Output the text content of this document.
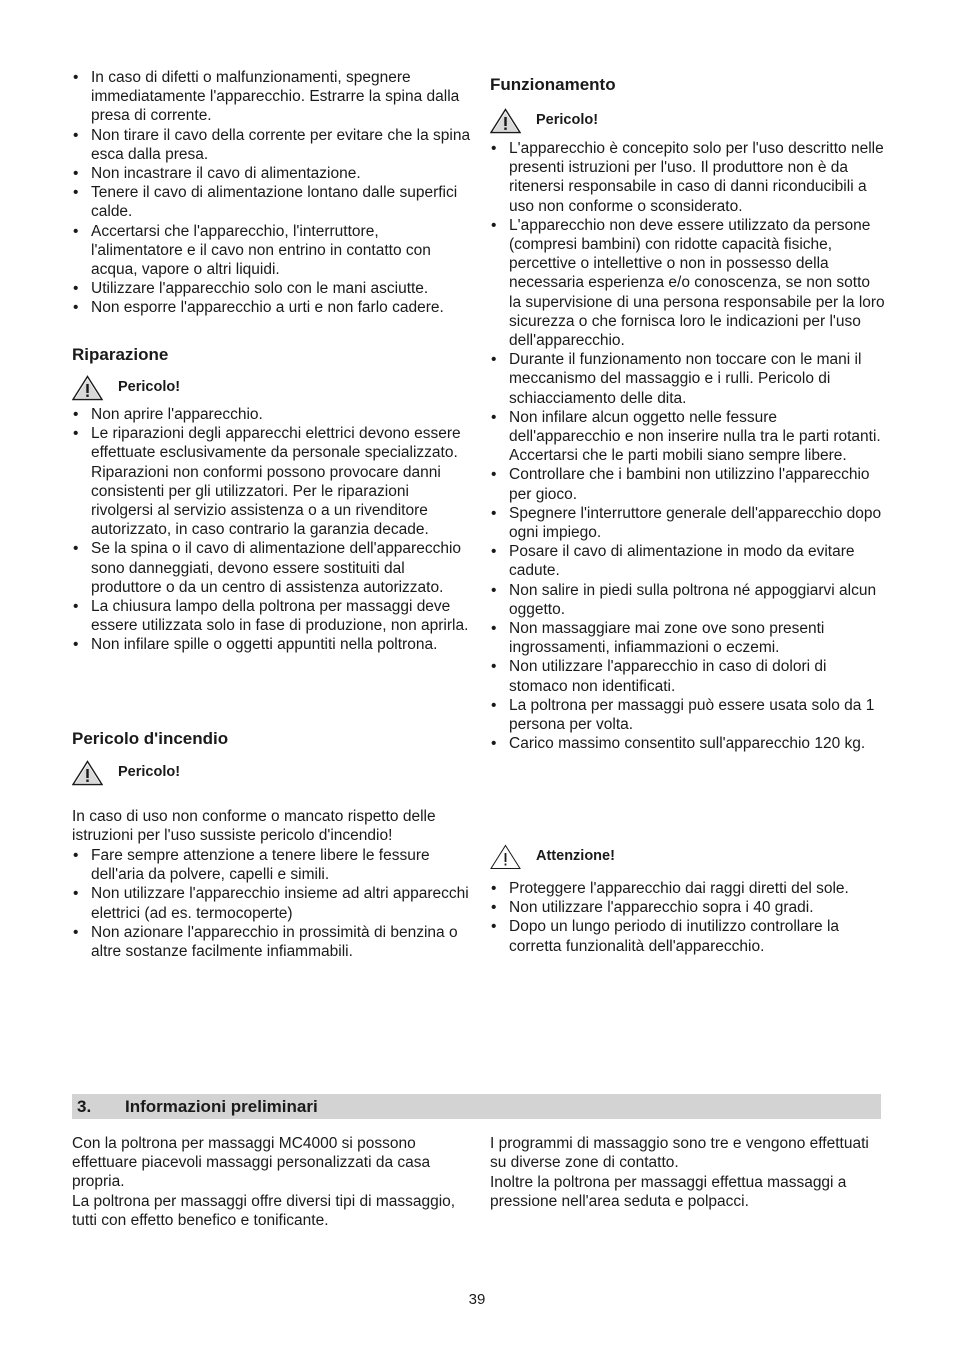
• In caso di difetti o malfunzionamenti, spegnere immediatamente l'apparecchio. Estrarre la spina dalla presa di corrente.
• Non tirare il cavo della corrente per evitare che la spina esca dalla presa.
• Non incastrare il cavo di alimentazione.
• Tenere il cavo di alimentazione lontano dalle superfici calde.
• Accertarsi che l'apparecchio, l'interruttore, l'alimentatore e il cavo non entrino in contatto con acqua, vapore o altri liquidi.
• Utilizzare l'apparecchio solo con le mani asciutte.
• Non esporre l'apparecchio a urti e non farlo cadere.
Riparazione
Pericolo!
• Non aprire l'apparecchio.
• Le riparazioni degli apparecchi elettrici devono essere effettuate esclusivamente da personale specializzato. Riparazioni non conformi possono provocare danni consistenti per gli utilizzatori. Per le riparazioni rivolgersi al servizio assistenza o a un rivenditore autorizzato, in caso contrario la garanzia decade.
• Se la spina o il cavo di alimentazione dell'apparecchio sono danneggiati, devono essere sostituiti dal produttore o da un centro di assistenza autorizzato.
• La chiusura lampo della poltrona per massaggi deve essere utilizzata solo in fase di produzione, non aprirla.
• Non infilare spille o oggetti appuntiti nella poltrona.
Pericolo d'incendio
Pericolo!

In caso di uso non conforme o mancato rispetto delle istruzioni per l'uso sussiste pericolo d'incendio!

• Fare sempre attenzione a tenere libere le fessure dell'aria da polvere, capelli e simili.
• Non utilizzare l'apparecchio insieme ad altri apparecchi elettrici (ad es. termocoperte)
• Non azionare l'apparecchio in prossimità di benzina o altre sostanze facilmente infiammabili.
Funzionamento
Pericolo!
• L'apparecchio è concepito solo per l'uso descritto nelle presenti istruzioni per l'uso. Il produttore non è da ritenersi responsabile in caso di danni riconducibili a uso non conforme o sconsiderato.
• L'apparecchio non deve essere utilizzato da persone (compresi bambini) con ridotte capacità fisiche, percettive o intellettive o non in possesso della necessaria esperienza e/o conoscenza, se non sotto la supervisione di una persona responsabile per la loro sicurezza o che fornisca loro le indicazioni per l'uso dell'apparecchio.
• Durante il funzionamento non toccare con le mani il meccanismo del massaggio e i rulli. Pericolo di schiacciamento delle dita.
• Non infilare alcun oggetto nelle fessure dell'apparecchio e non inserire nulla tra le parti rotanti. Accertarsi che le parti mobili siano sempre libere.
• Controllare che i bambini non utilizzino l'apparecchio per gioco.
• Spegnere l'interruttore generale dell'apparecchio dopo ogni impiego.
• Posare il cavo di alimentazione in modo da evitare cadute.
• Non salire in piedi sulla poltrona né appoggiarvi alcun oggetto.
• Non massaggiare mai zone ove sono presenti ingrossamenti, infiammazioni o eczemi.
• Non utilizzare l'apparecchio in caso di dolori di stomaco non identificati.
• La poltrona per massaggi può essere usata solo da 1 persona per volta.
• Carico massimo consentito sull'apparecchio 120 kg.
Attenzione!
• Proteggere l'apparecchio dai raggi diretti del sole.
• Non utilizzare l'apparecchio sopra i 40 gradi.
• Dopo un lungo periodo di inutilizzo controllare la corretta funzionalità dell'apparecchio.
3.	Informazioni preliminari

Con la poltrona per massaggi MC4000 si possono effettuare piacevoli massaggi personalizzati da casa propria.

La poltrona per massaggi offre diversi tipi di massaggio, tutti con effetto benefico e tonificante.

I programmi di massaggio sono tre e vengono effettuati su diverse zone di contatto.

Inoltre la poltrona per massaggi effettua massaggi a pressione nell'area seduta e polpacci.

39
